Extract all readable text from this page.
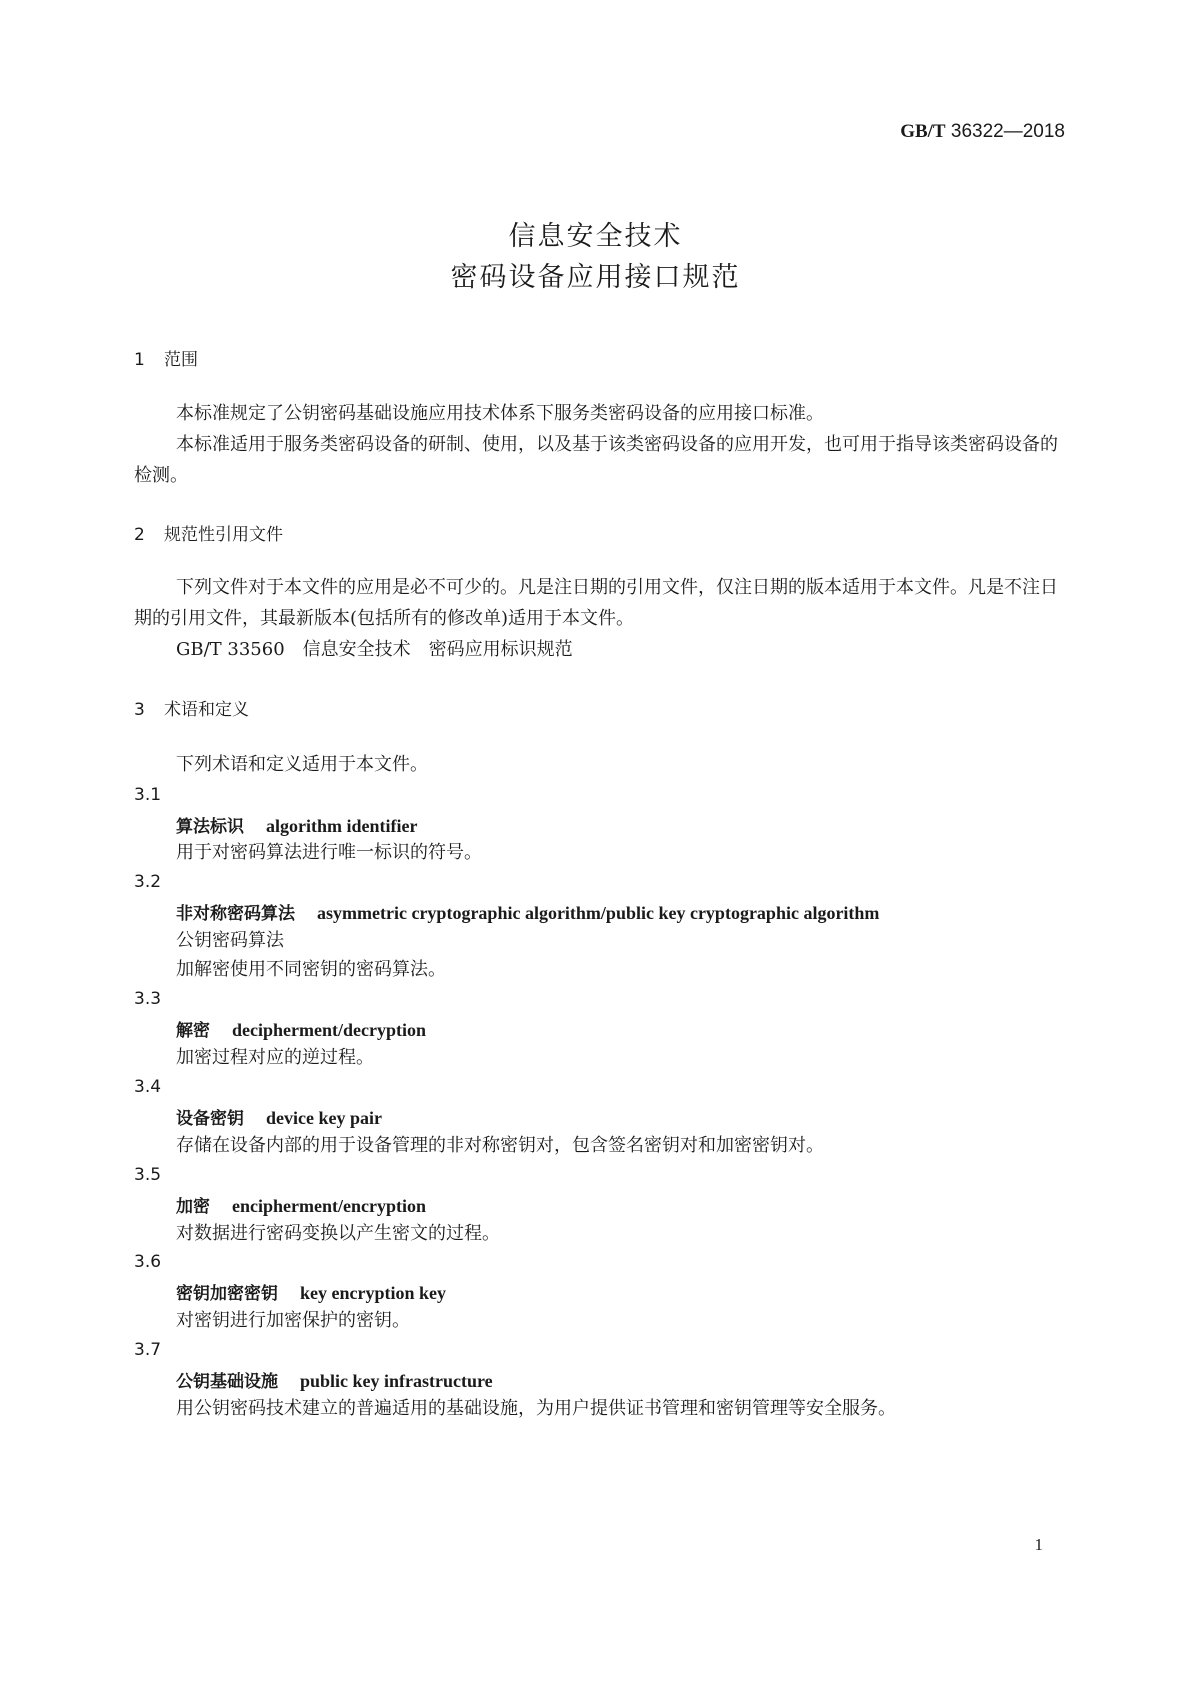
GB/T 36322—2018
信息安全技术
密码设备应用接口规范
1 范围
本标准规定了公钥密码基础设施应用技术体系下服务类密码设备的应用接口标准。
本标准适用于服务类密码设备的研制、使用，以及基于该类密码设备的应用开发，也可用于指导该类密码设备的检测。
2 规范性引用文件
下列文件对于本文件的应用是必不可少的。凡是注日期的引用文件，仅注日期的版本适用于本文件。凡是不注日期的引用文件，其最新版本(包括所有的修改单)适用于本文件。
GB/T 33560　信息安全技术　密码应用标识规范
3 术语和定义
下列术语和定义适用于本文件。
3.1
算法标识 algorithm identifier
用于对密码算法进行唯一标识的符号。
3.2
非对称密码算法 asymmetric cryptographic algorithm/public key cryptographic algorithm
公钥密码算法
加解密使用不同密钥的密码算法。
3.3
解密 decipherment/decryption
加密过程对应的逆过程。
3.4
设备密钥 device key pair
存储在设备内部的用于设备管理的非对称密钥对，包含签名密钥对和加密密钥对。
3.5
加密 encipherment/encryption
对数据进行密码变换以产生密文的过程。
3.6
密钥加密密钥 key encryption key
对密钥进行加密保护的密钥。
3.7
公钥基础设施 public key infrastructure
用公钥密码技术建立的普遍适用的基础设施，为用户提供证书管理和密钥管理等安全服务。
1
